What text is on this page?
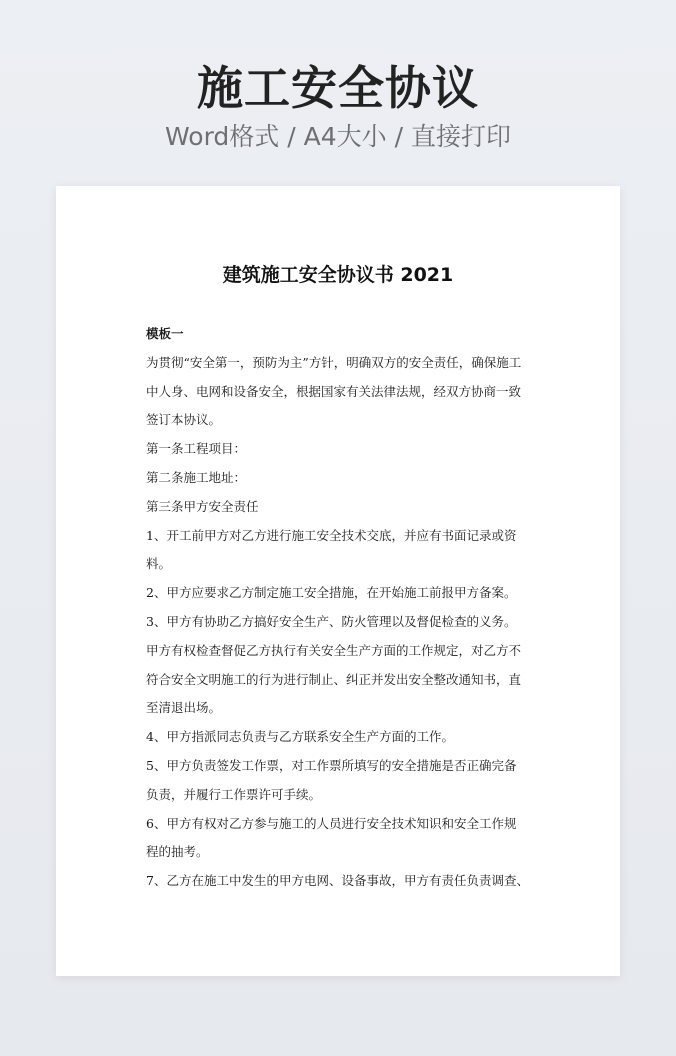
施工安全协议
Word格式 / A4大小 / 直接打印
建筑施工安全协议书 2021
模板一
为贯彻“安全第一，预防为主”方针，明确双方的安全责任，确保施工
中人身、电网和设备安全，根据国家有关法律法规，经双方协商一致
签订本协议。
第一条工程项目：
第二条施工地址：
第三条甲方安全责任
1、开工前甲方对乙方进行施工安全技术交底，并应有书面记录或资
料。
2、甲方应要求乙方制定施工安全措施，在开始施工前报甲方备案。
3、甲方有协助乙方搞好安全生产、防火管理以及督促检查的义务。
甲方有权检查督促乙方执行有关安全生产方面的工作规定，对乙方不
符合安全文明施工的行为进行制止、纠正并发出安全整改通知书，直
至清退出场。
4、甲方指派同志负责与乙方联系安全生产方面的工作。
5、甲方负责签发工作票，对工作票所填写的安全措施是否正确完备
负责，并履行工作票许可手续。
6、甲方有权对乙方参与施工的人员进行安全技术知识和安全工作规
程的抽考。
7、乙方在施工中发生的甲方电网、设备事故，甲方有责任负责调查、
